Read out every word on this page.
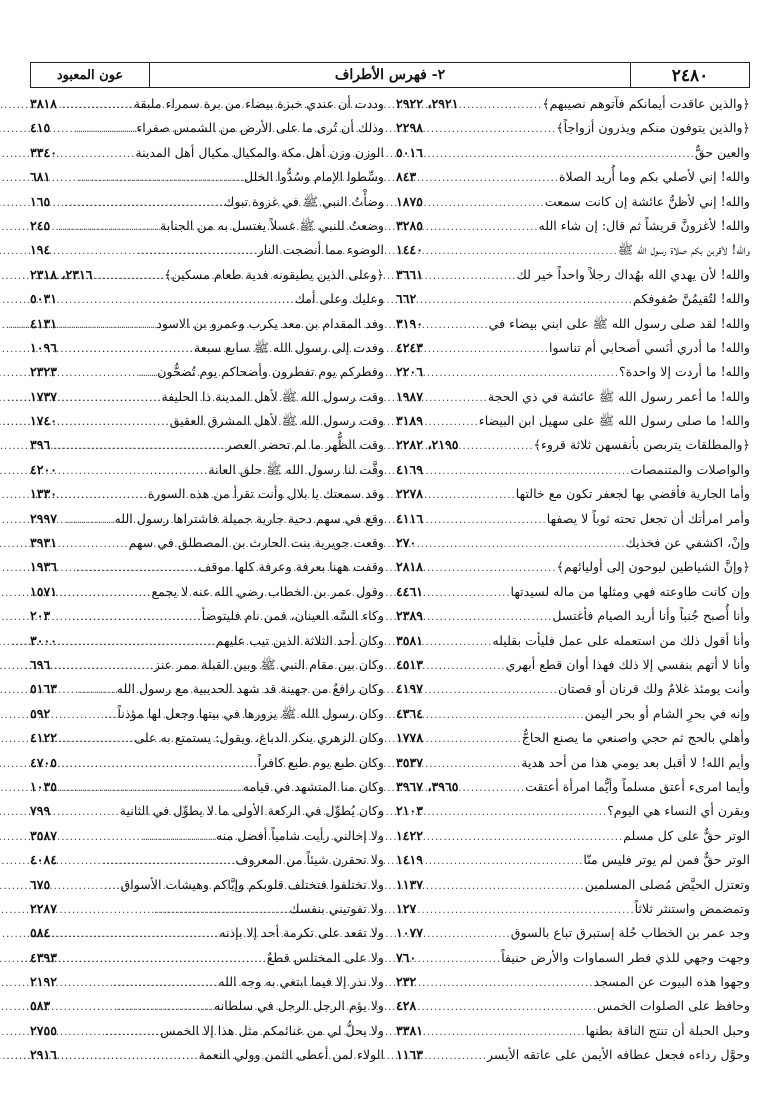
٢٤٨٠
٢- فهرس الأطراف
عون المعبود
﴿والذين عاقدت أيمانكم فآتوهم نصيبهم﴾
.....
٢٩٢١، ٢٩٢٢
﴿والذين يتوفون منكم ويذرون أزواجاً﴾
.....
٢٢٩٨
والعين حقٌّ
.....
٥٠١٦
والله! إني لأصلي بكم وما أُريد الصلاة
.....
٨٤٣
والله! إني لأظنُّ عائشة إن كانت سمعت
.....
١٨٧٥
والله! لأغزونَّ قريشاً ثم قال: إن شاء الله
.....
٣٢٨٥
والله! لأقربن بكم صلاة رسول الله ﷺ
.....
١٤٤٠
والله! لأن يهدي الله بهُداك رجلاً واحداً خير لك
.....
٣٦٦١
والله! لتُقيمُنَّ صُفوفكم
.....
٦٦٢
والله! لقد صلى رسول الله ﷺ على ابني بيضاء في
.....
٣١٩٠
والله! ما أدري أنَسي أصحابي أم تناسوا
.....
٤٢٤٣
والله! ما أردت إلا واحدة؟
.....
٢٢٠٦
والله! ما أعمر رسول الله ﷺ عائشة في ذي الحجة
.....
١٩٨٧
والله! ما صلى رسول الله ﷺ على سهيل ابن البيضاء
.....
٣١٨٩
﴿والمطلقات يتربصن بأنفسهن ثلاثة قروء﴾
.....
٢١٩٥، ٢٢٨٢
والواصلات والمتنمصات
.....
٤١٦٩
وأما الجارية فأقضي بها لجعفر تكون مع خالتها
.....
٢٢٧٨
وأمر امرأتك أن تجعل تحته ثوباً لا يصفها
.....
٤١١٦
وإنْ، اكشفي عن فخذيك
.....
٢٧٠
﴿وإنَّ الشياطين ليوحون إلى أوليائهم﴾
.....
٢٨١٨
وإن كانت طاوعته فهي ومثلها من ماله لسيدتها
.....
٤٤٦١
وأنا أُصبح جُنباً وأنا أريد الصيام فأغتسل
.....
٢٣٨٩
وأنا أقول ذلك من استعمله على عمل فليأت بقليله
.....
٣٥٨١
وأنا لا أتهم بنفسي إلا ذلك فهذا أوان قطع أبهري
.....
٤٥١٣
وأنت يومئذ غلامٌ ولك قرنان أو قصتان
.....
٤١٩٧
وإنه في بحرِ الشام أو بحر اليمن
.....
٤٣٦٤
وأهلي بالحج ثم حجي واصنعي ما يصنع الحاجُّ
.....
١٧٧٨
وأيم الله! لا أقبل بعد يومي هذا من أحد هدية
.....
٣٥٣٧
وأيما امرىء أعتق مسلماً وأيُّما امرأة أعتقت
.....
٣٩٦٥، ٣٩٦٧
وبقرن أي النساء هي اليوم؟
.....
٢١٠٣
الوتر حقٌّ على كل مسلم
.....
١٤٢٢
الوتر حقٌّ فمن لم يوتر فليس منّا
.....
١٤١٩
وتعتزل الحيَّض مُصلى المسلمين
.....
١١٣٧
وتمضمض واستنثر ثلاثاً
.....
١٢٧
وجد عمر بن الخطاب حُلة إستبرق تباع بالسوق
.....
١٠٧٧
وجهت وجهي للذي فطر السماوات والأرض حنيفاً
.....
٧٦٠
وجهوا هذه البيوت عن المسجد
.....
٢٣٢
وحافظ على الصلوات الخمس
.....
٤٢٨
وحبل الحبلة أن تنتج الناقة بطنها
.....
٣٣٨١
وحوَّل رداءه فجعل عطافه الأيمن على عاتقه الأيسر
.....
١١٦٣
وددت أن عندي خبزة بيضاء من برة سمراء ملبقة
.....
٣٨١٨
وذلك أن تُرى ما على الأرض من الشمس صفراء
.....
٤١٥
الوزن وزن أهل مكة والمكيال مكيال أهل المدينة
.....
٣٣٤٠
وسِّطوا الإمام وسُدُّوا الخلل
.....
٦٨١
وضأْتُ النبي ﷺ في غزوة تبوك
.....
١٦٥
وضعتُ للنبي ﷺ غسلاً يغتسل به من الجنابة
.....
٢٤٥
الوضوء مما أنضجت النار
.....
١٩٤
﴿وعلى الذين يطيقونه فدية طعام مسكين﴾
.....
٢٣١٦، ٢٣١٨
وعليك وعلى أمك
.....
٥٠٣١
وفد المقدام بن معد يكرب وعمرو بن الاسود
.....
٤١٣١
وفدت إلى رسول الله ﷺ سابع سبعة
.....
١٠٩٦
وفطركم يوم تفطرون وأضحاكم يوم تُضحُّون
.....
٢٣٢٣
وقت رسول الله ﷺ لأهل المدينة ذا الحليفة
.....
١٧٣٧
وقت رسول الله ﷺ لأهل المشرق العقيق
.....
١٧٤٠
وقت الظُّهر ما لم تحضر العصر
.....
٣٩٦
وقَّت لنا رسول الله ﷺ حلق العانة
.....
٤٢٠٠
وقد سمعتك يا بلال وأنت تقرأ من هذه السورة
.....
١٣٣٠
وقع في سهم دحية جارية جميلة فاشتراها رسول الله
.....
٢٩٩٧
وقعت جويرية بنت الحارث بن المصطلق في سهم
.....
٣٩٣١
وقفت ههنا بعرفة وعرفة كلها موقف
.....
١٩٣٦
وقول عمر بن الخطاب رضي الله عنه لا يجمع
.....
١٥٧١
وكاء السَّه العينان، فمن نام فليتوضأ
.....
٢٠٣
وكان أحد الثلاثة الذين تيب عليهم
.....
٣٠٠٠
وكان بين مقام النبي ﷺ وبين القبلة ممر عنز
.....
٦٩٦
وكان رافعٌ من جهينة قد شهد الحديبية مع رسول الله
.....
٥١٦٣
وكان رسول الله ﷺ يزورها في بيتها وجعل لها مؤذناً
.....
٥٩٢
وكان الزهري ينكر الدباغ، ويقول: يستمتع به على
.....
٤١٢٢
وكان طبع يوم طبع كافراً
.....
٤٧٠٥
وكان منا المتشهد في قيامه
.....
١٠٣٥
وكان يُطوِّل في الركعة الأولى ما لا يطوِّل في الثانية
.....
٧٩٩
ولا إخالني رأيت شامياً أفضل منه
.....
٣٥٨٧
ولا تحقرن شيئاً من المعروف
.....
٤٠٨٤
ولا تختلفوا فتختلف قلوبكم وإيَّاكم وهيشات الأسواق
.....
٦٧٥
ولا تفوتيني بنفسك
.....
٢٢٨٧
ولا تقعد على تكرمة أحد إلا بإذنه
.....
٥٨٤
ولا على المختلس قطعٌ
.....
٤٣٩٣
ولا نذر إلا فيما ابتغي به وجه الله
.....
٢١٩٢
ولا يؤم الرجل الرجل في سلطانه
.....
٥٨٣
ولا يحلُّ لي من غنائمكم مثل هذا إلا الخمس
.....
٢٧٥٥
الولاء لمن أعطى الثمن وولي النعمة
.....
٢٩١٦
